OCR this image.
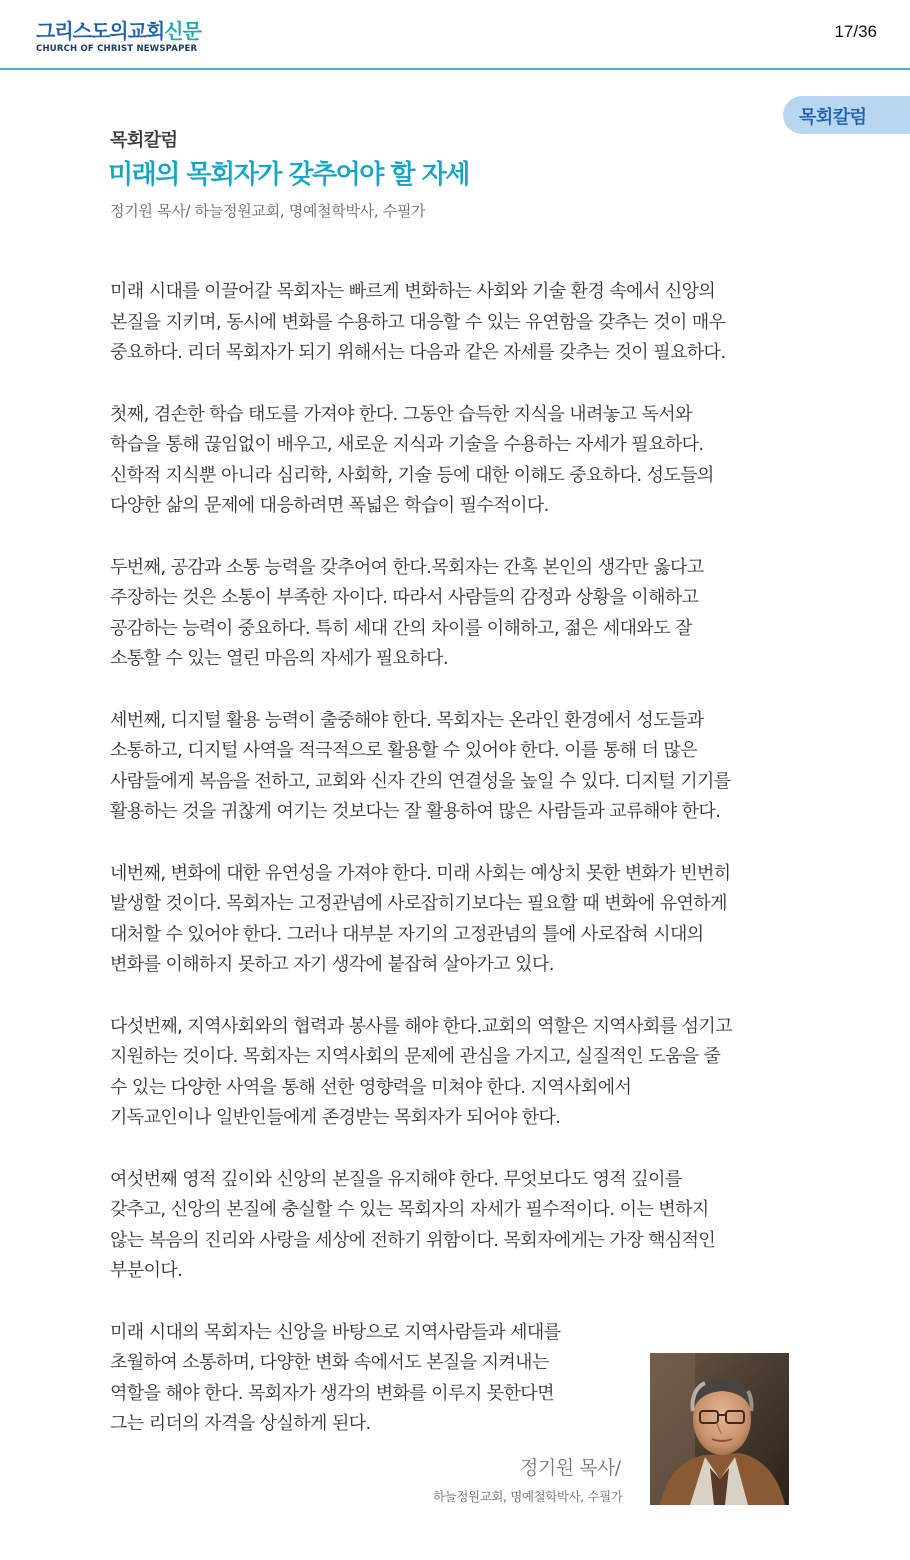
그리스도의교회신문
CHURCH OF CHRIST NEWSPAPER
17/36
목회칼럼
목회칼럼
미래의 목회자가 갖추어야 할 자세
정기원 목사/ 하늘정원교회, 명예철학박사, 수필가
미래 시대를 이끌어갈 목회자는 빠르게 변화하는 사회와 기술 환경 속에서 신앙의
본질을 지키며, 동시에 변화를 수용하고 대응할 수 있는 유연함을 갖추는 것이 매우
중요하다. 리더 목회자가 되기 위해서는 다음과 같은 자세를 갖추는 것이 필요하다.
첫째, 겸손한 학습 태도를 가져야 한다. 그동안 습득한 지식을 내려놓고 독서와
학습을 통해 끊임없이 배우고, 새로운 지식과 기술을 수용하는 자세가 필요하다.
신학적 지식뿐 아니라 심리학, 사회학, 기술 등에 대한 이해도 중요하다. 성도들의
다양한 삶의 문제에 대응하려면 폭넓은 학습이 필수적이다.
두번째, 공감과 소통 능력을 갖추어여 한다.목회자는 간혹 본인의 생각만 옳다고
주장하는 것은 소통이 부족한 자이다. 따라서 사람들의 감정과 상황을 이해하고
공감하는 능력이 중요하다. 특히 세대 간의 차이를 이해하고, 젊은 세대와도 잘
소통할 수 있는 열린 마음의 자세가 필요하다.
세번째, 디지털 활용 능력이 출중해야 한다. 목회자는 온라인 환경에서 성도들과
소통하고, 디지털 사역을 적극적으로 활용할 수 있어야 한다. 이를 통해 더 많은
사람들에게 복음을 전하고, 교회와 신자 간의 연결성을 높일 수 있다. 디지털 기기를
활용하는 것을 귀찮게 여기는 것보다는 잘 활용하여 많은 사람들과 교류해야 한다.
네번째, 변화에 대한 유연성을 가져야 한다. 미래 사회는 예상치 못한 변화가 빈번히
발생할 것이다. 목회자는 고정관념에 사로잡히기보다는 필요할 때 변화에 유연하게
대처할 수 있어야 한다. 그러나 대부분 자기의 고정관념의 틀에 사로잡혀 시대의
변화를 이해하지 못하고 자기 생각에 붙잡혀 살아가고 있다.
다섯번째, 지역사회와의 협력과 봉사를 해야 한다.교회의 역할은 지역사회를 섬기고
지원하는 것이다. 목회자는 지역사회의 문제에 관심을 가지고, 실질적인 도움을 줄
수 있는 다양한 사역을 통해 선한 영향력을 미쳐야 한다. 지역사회에서
기독교인이나 일반인들에게 존경받는 목회자가 되어야 한다.
여섯번째 영적 깊이와 신앙의 본질을 유지해야 한다. 무엇보다도 영적 깊이를
갖추고, 신앙의 본질에 충실할 수 있는 목회자의 자세가 필수적이다. 이는 변하지
않는 복음의 진리와 사랑을 세상에 전하기 위함이다. 목회자에게는 가장 핵심적인
부분이다.
미래 시대의 목회자는 신앙을 바탕으로 지역사람들과 세대를
초월하여 소통하며, 다양한 변화 속에서도 본질을 지켜내는
역할을 해야 한다. 목회자가 생각의 변화를 이루지 못한다면
그는 리더의 자격을 상실하게 된다.
정기원 목사/
하늘정원교회, 명예철학박사, 수필가
